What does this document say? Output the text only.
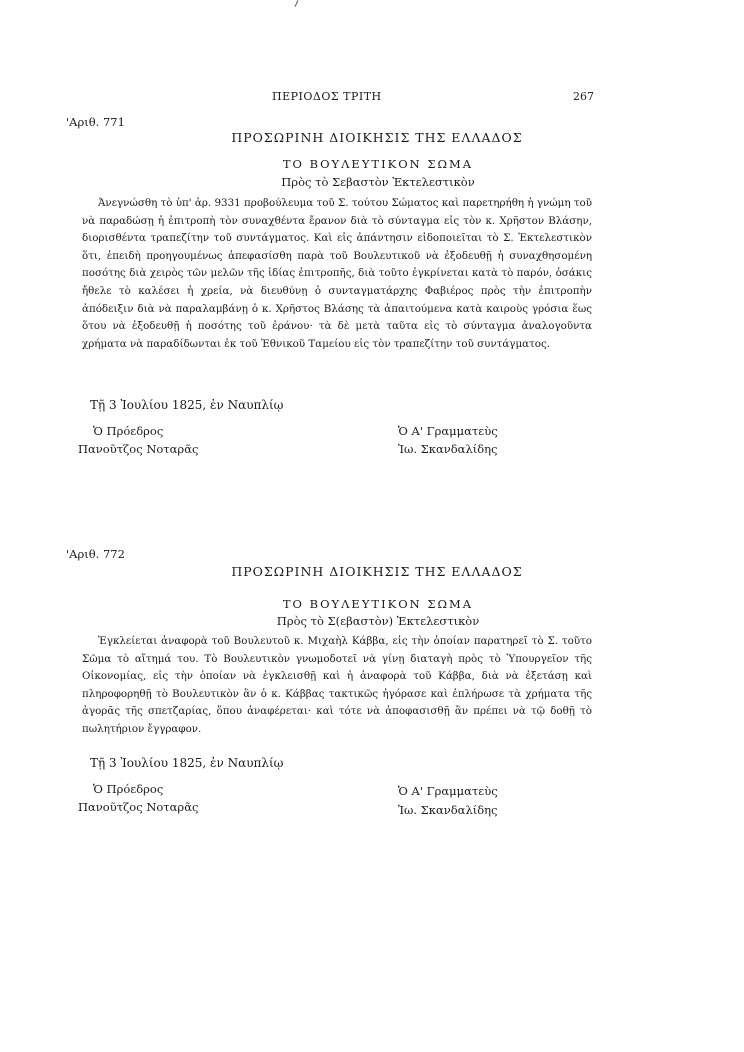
ΠΕΡΙΟΔΟΣ ΤΡΙΤΗ	267
'Αριθ. 771
ΠΡΟΣΩΡΙΝΗ ΔΙΟΙΚΗΣΙΣ ΤΗΣ ΕΛΛΑΔΟΣ
ΤΟ ΒΟΥΛΕΥΤΙΚΟΝ ΣΩΜΑ
Πρὸς τὸ Σεβαστὸν Ἐκτελεστικὸν

Ἀνεγνώσθη τὸ ὑπ' ἀρ. 9331 προβούλευμα τοῦ Σ. τούτου Σώματος καὶ παρετηρήθη ἡ γνώμη τοῦ νὰ παραδώσῃ ἡ ἐπιτροπὴ τὸν συναχθέντα ἔρανον διὰ τὸ σύνταγμα εἰς τὸν κ. Χρῆστον Βλάσην, διορισθέντα τραπεζίτην τοῦ συντάγματος. Καὶ εἰς ἀπάντησιν εἰδοποιεῖται τὸ Σ. Ἐκτελεστικὸν ὅτι, ἐπειδὴ προηγουμένως ἀπεφασίσθη παρὰ τοῦ Βουλευτικοῦ νὰ ἐξοδευθῇ ἡ συναχθησομένη ποσότης διὰ χειρὸς τῶν μελῶν τῆς ἰδίας ἐπιτροπῆς, διὰ τοῦτο ἐγκρίνεται κατὰ τὸ παρόν, ὁσάκις ἤθελε τὸ καλέσει ἡ χρεία, νὰ διευθύνῃ ὁ συνταγματάρχης Φαβιέρος πρὸς τὴν ἐπιτροπὴν ἀπόδειξιν διὰ νὰ παραλαμβάνῃ ὁ κ. Χρῆστος Βλάσης τὰ ἀπαιτούμενα κατὰ καιροὺς γρόσια ἕως ὅτου νὰ ἐξοδευθῇ ἡ ποσότης τοῦ ἐράνου· τὰ δὲ μετὰ ταῦτα εἰς τὸ σύνταγμα ἀναλογοῦντα χρήματα νὰ παραδίδωνται ἐκ τοῦ Ἐθνικοῦ Ταμείου εἰς τὸν τραπεζίτην τοῦ συντάγματος.

Τῇ 3 Ἰουλίου 1825, ἐν Ναυπλίῳ
Ὁ Πρόεδρος
Πανοῦτζος Νοταρᾶς
Ὁ Α' Γραμματεὺς
Ἰω. Σκανδαλίδης
'Αριθ. 772
ΠΡΟΣΩΡΙΝΗ ΔΙΟΙΚΗΣΙΣ ΤΗΣ ΕΛΛΑΔΟΣ
ΤΟ ΒΟΥΛΕΥΤΙΚΟΝ ΣΩΜΑ
Πρὸς τὸ Σ(εβαστὸν) Ἐκτελεστικὸν

Ἐγκλείεται ἀναφορὰ τοῦ Βουλευτοῦ κ. Μιχαὴλ Κάββα, εἰς τὴν ὁποίαν παρατηρεῖ τὸ Σ. τοῦτο Σῶμα τὸ αἴτημά του. Τὸ Βουλευτικὸν γνωμοδοτεῖ νὰ γίνῃ διαταγὴ πρὸς τὸ Ὑπουργεῖον τῆς Οἰκονομίας, εἰς τὴν ὁποίαν νὰ ἐγκλεισθῇ καὶ ἡ ἀναφορὰ τοῦ Κάββα, διὰ νὰ ἐξετάσῃ καὶ πληροφορηθῇ τὸ Βουλευτικὸν ἂν ὁ κ. Κάββας τακτικῶς ἠγόρασε καὶ ἐπλήρωσε τὰ χρήματα τῆς ἀγορᾶς τῆς σπετζαρίας, ὅπου ἀναφέρεται· καὶ τότε νὰ ἀποφασισθῇ ἂν πρέπει νὰ τῷ δοθῇ τὸ πωλητήριον ἔγγραφον.

Τῇ 3 Ἰουλίου 1825, ἐν Ναυπλίῳ
Ὁ Πρόεδρος
Πανοῦτζος Νοταρᾶς
Ὁ Α' Γραμματεὺς
Ἰω. Σκανδαλίδης
